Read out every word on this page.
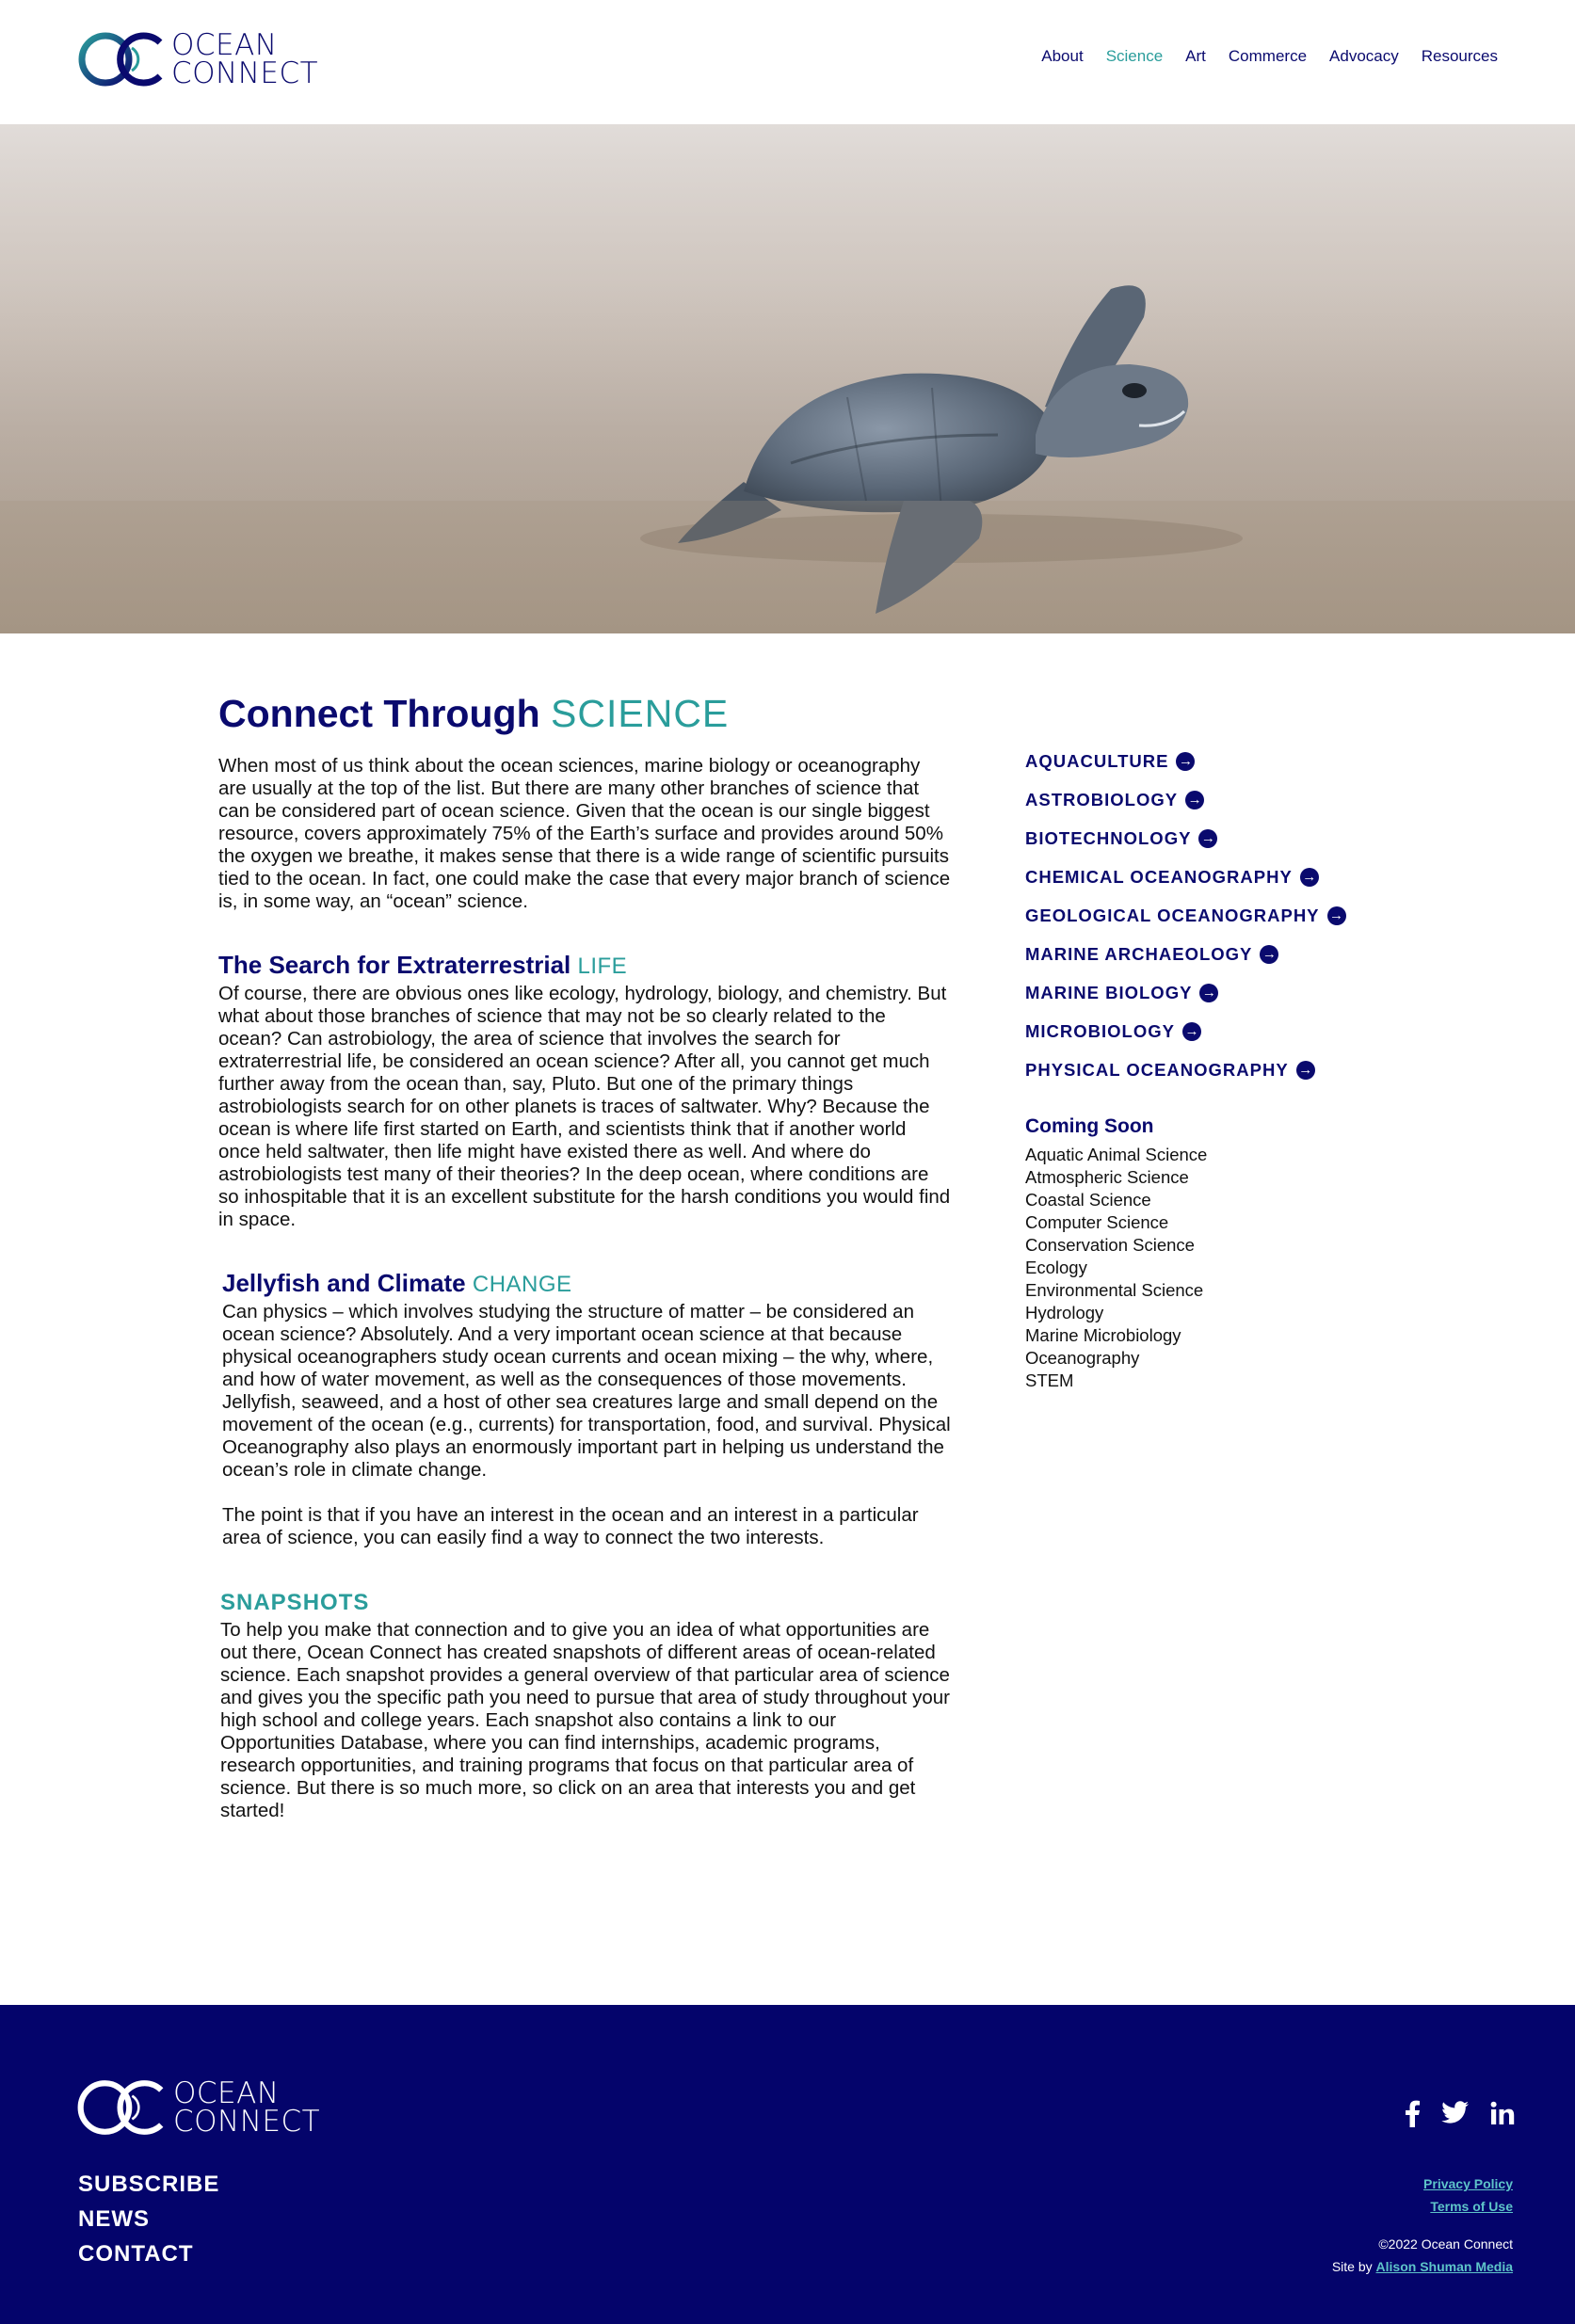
OCEAN
CONNECT
About Science Art Commerce Advocacy Resources
Connect Through SCIENCE

When most of us think about the ocean sciences, marine biology or oceanography are usually at the top of the list. But there are many other branches of science that can be considered part of ocean science. Given that the ocean is our single biggest resource, covers approximately 75% of the Earth’s surface and provides around 50% the oxygen we breathe, it makes sense that there is a wide range of scientific pursuits tied to the ocean. In fact, one could make the case that every major branch of science is, in some way, an “ocean” science.

The Search for Extraterrestrial LIFE

Of course, there are obvious ones like ecology, hydrology, biology, and chemistry. But what about those branches of science that may not be so clearly related to the ocean? Can astrobiology, the area of science that involves the search for extraterrestrial life, be considered an ocean science? After all, you cannot get much further away from the ocean than, say, Pluto. But one of the primary things astrobiologists search for on other planets is traces of saltwater. Why? Because the ocean is where life first started on Earth, and scientists think that if another world once held saltwater, then life might have existed there as well. And where do astrobiologists test many of their theories? In the deep ocean, where conditions are so inhospitable that it is an excellent substitute for the harsh conditions you would find in space.

Jellyfish and Climate CHANGE

Can physics – which involves studying the structure of matter – be considered an ocean science? Absolutely. And a very important ocean science at that because physical oceanographers study ocean currents and ocean mixing – the why, where, and how of water movement, as well as the consequences of those movements. Jellyfish, seaweed, and a host of other sea creatures large and small depend on the movement of the ocean (e.g., currents) for transportation, food, and survival. Physical Oceanography also plays an enormously important part in helping us understand the ocean’s role in climate change.

The point is that if you have an interest in the ocean and an interest in a particular area of science, you can easily find a way to connect the two interests.

SNAPSHOTS

To help you make that connection and to give you an idea of what opportunities are out there, Ocean Connect has created snapshots of different areas of ocean-related science. Each snapshot provides a general overview of that particular area of science and gives you the specific path you need to pursue that area of study throughout your high school and college years. Each snapshot also contains a link to our Opportunities Database, where you can find internships, academic programs, research opportunities, and training programs that focus on that particular area of science. But there is so much more, so click on an area that interests you and get started!

AQUACULTURE
→
ASTROBIOLOGY
→
BIOTECHNOLOGY
→
CHEMICAL OCEANOGRAPHY
→
GEOLOGICAL OCEANOGRAPHY
→
MARINE ARCHAEOLOGY
→
MARINE BIOLOGY
→
MICROBIOLOGY
→
PHYSICAL OCEANOGRAPHY
→
Coming Soon
Aquatic Animal Science
Atmospheric Science
Coastal Science
Computer Science
Conservation Science
Ecology
Environmental Science
Hydrology
Marine Microbiology
Oceanography
STEM
OCEAN
CONNECT
SUBSCRIBE
NEWS
CONTACT
Privacy Policy
Terms of Use
©2022 Ocean Connect
Site by Alison Shuman Media
